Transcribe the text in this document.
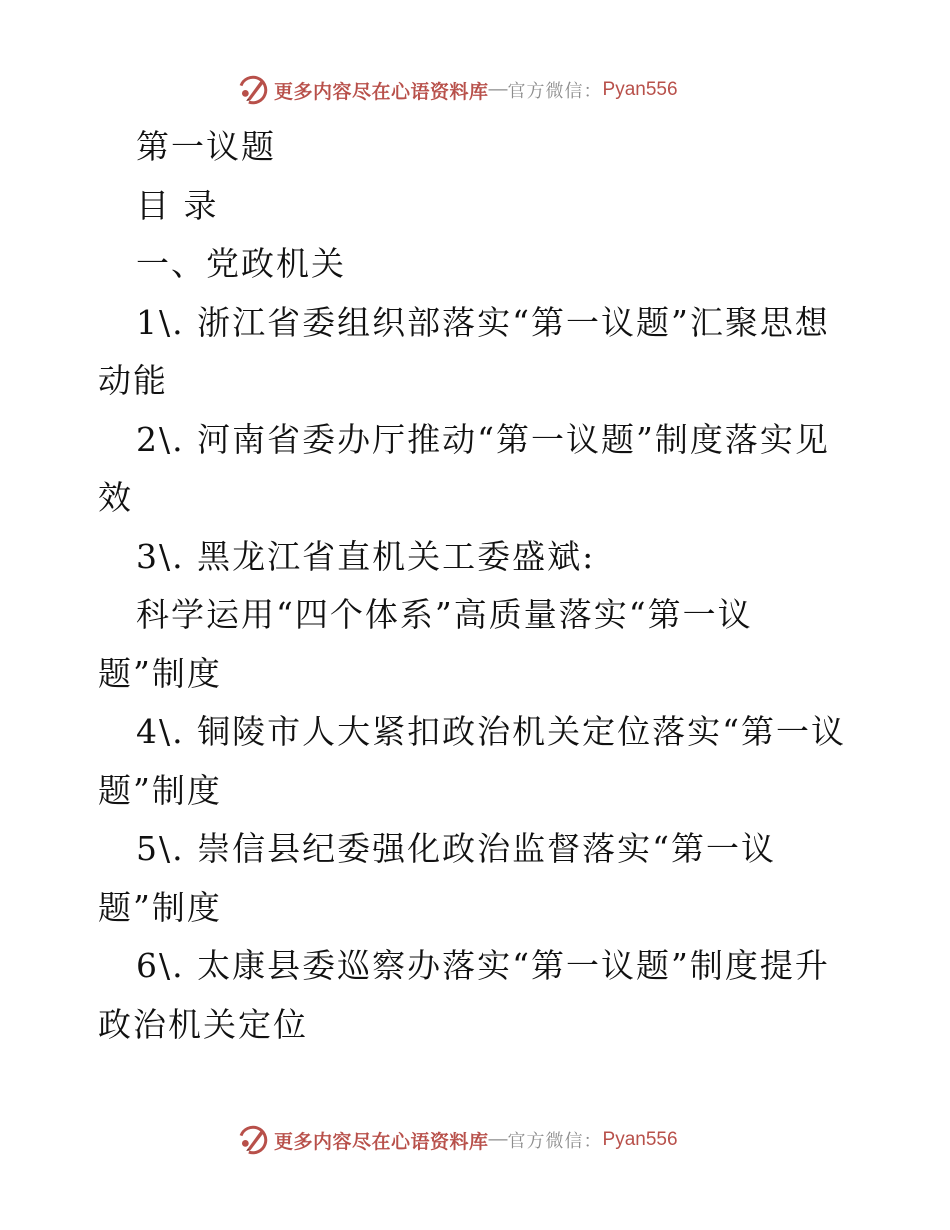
更多内容尽在心语资料库 — 官方微信： Pyan556

第一议题

目 录

一、党政机关

1\. 浙江省委组织部落实“第一议题”汇聚思想

动能

2\. 河南省委办厅推动“第一议题”制度落实见

效

3\. 黑龙江省直机关工委盛斌:

科学运用“四个体系”高质量落实“第一议

题”制度

4\. 铜陵市人大紧扣政治机关定位落实“第一议

题”制度

5\. 崇信县纪委强化政治监督落实“第一议

题”制度

6\. 太康县委巡察办落实“第一议题”制度提升

政治机关定位

更多内容尽在心语资料库 — 官方微信： Pyan556
